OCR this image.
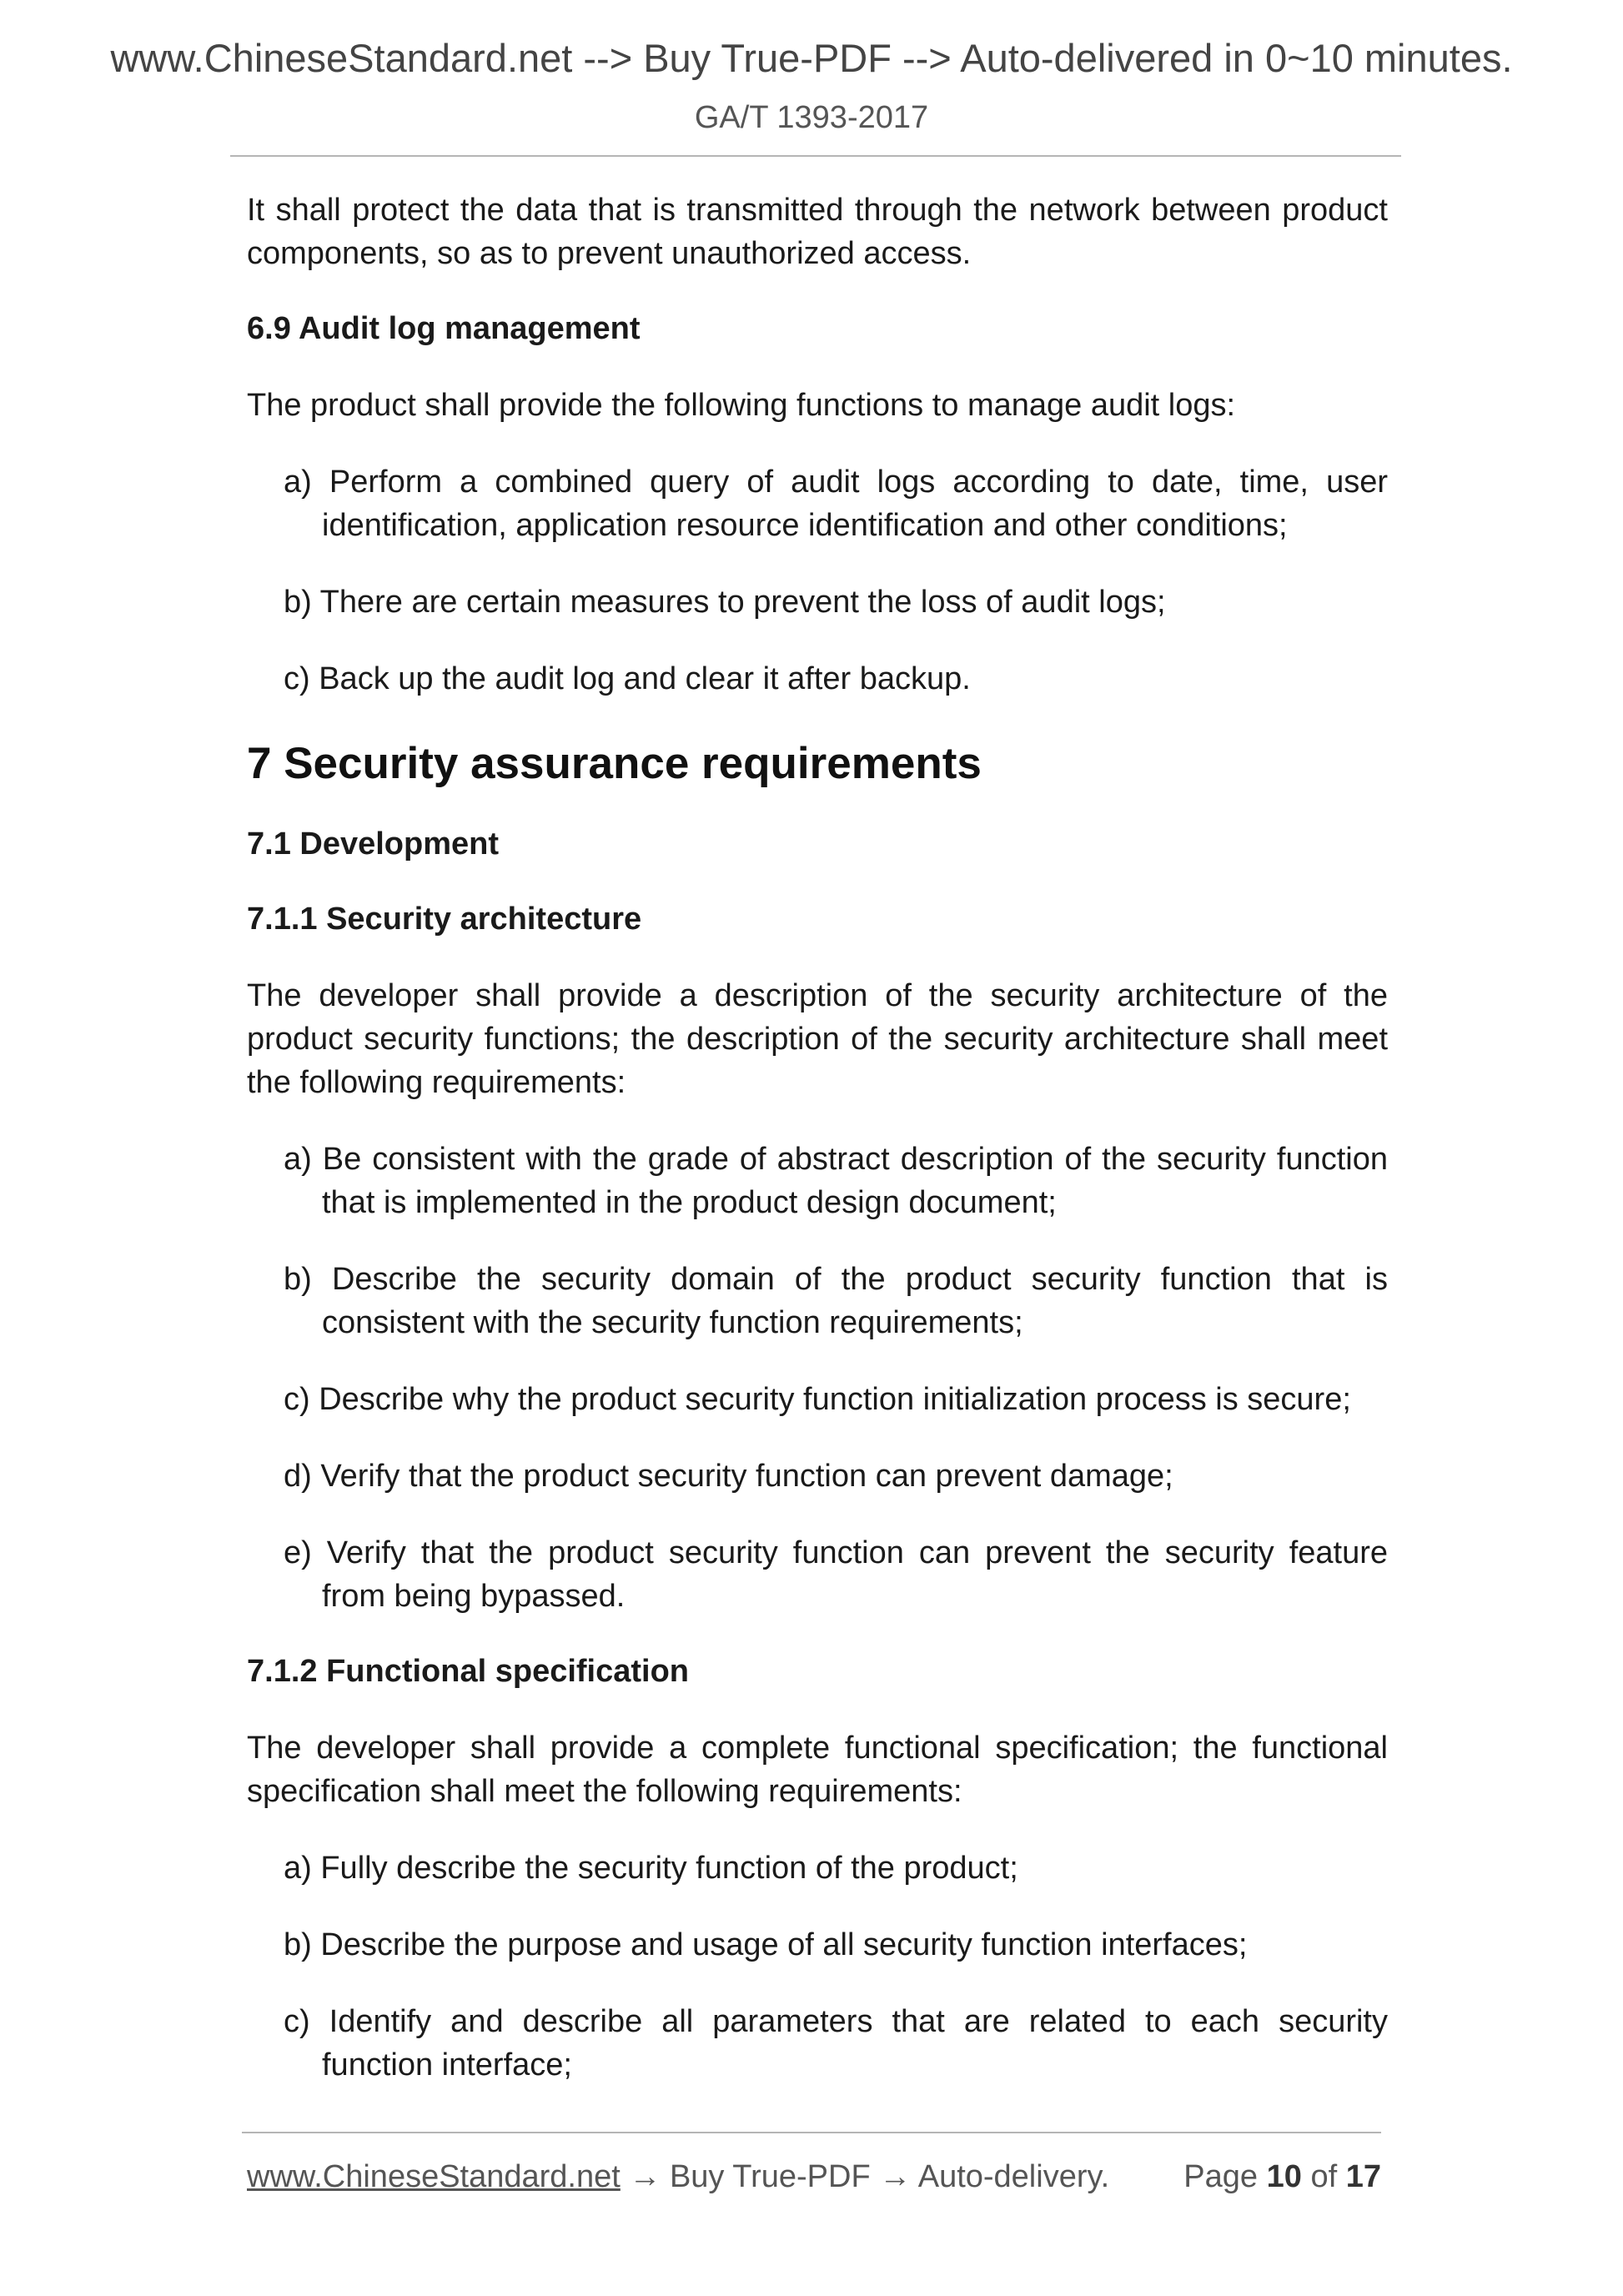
www.ChineseStandard.net --> Buy True-PDF --> Auto-delivered in 0~10 minutes.
GA/T 1393-2017

It shall protect the data that is transmitted through the network between product components, so as to prevent unauthorized access.

6.9 Audit log management

The product shall provide the following functions to manage audit logs:

a) Perform a combined query of audit logs according to date, time, user identification, application resource identification and other conditions;

b) There are certain measures to prevent the loss of audit logs;

c) Back up the audit log and clear it after backup.

7 Security assurance requirements

7.1 Development

7.1.1 Security architecture

The developer shall provide a description of the security architecture of the product security functions; the description of the security architecture shall meet the following requirements:

a) Be consistent with the grade of abstract description of the security function that is implemented in the product design document;

b) Describe the security domain of the product security function that is consistent with the security function requirements;

c) Describe why the product security function initialization process is secure;

d) Verify that the product security function can prevent damage;

e) Verify that the product security function can prevent the security feature from being bypassed.

7.1.2 Functional specification

The developer shall provide a complete functional specification; the functional specification shall meet the following requirements:

a) Fully describe the security function of the product;

b) Describe the purpose and usage of all security function interfaces;

c) Identify and describe all parameters that are related to each security function interface;

www.ChineseStandard.net → Buy True-PDF → Auto-delivery. Page 10 of 17
